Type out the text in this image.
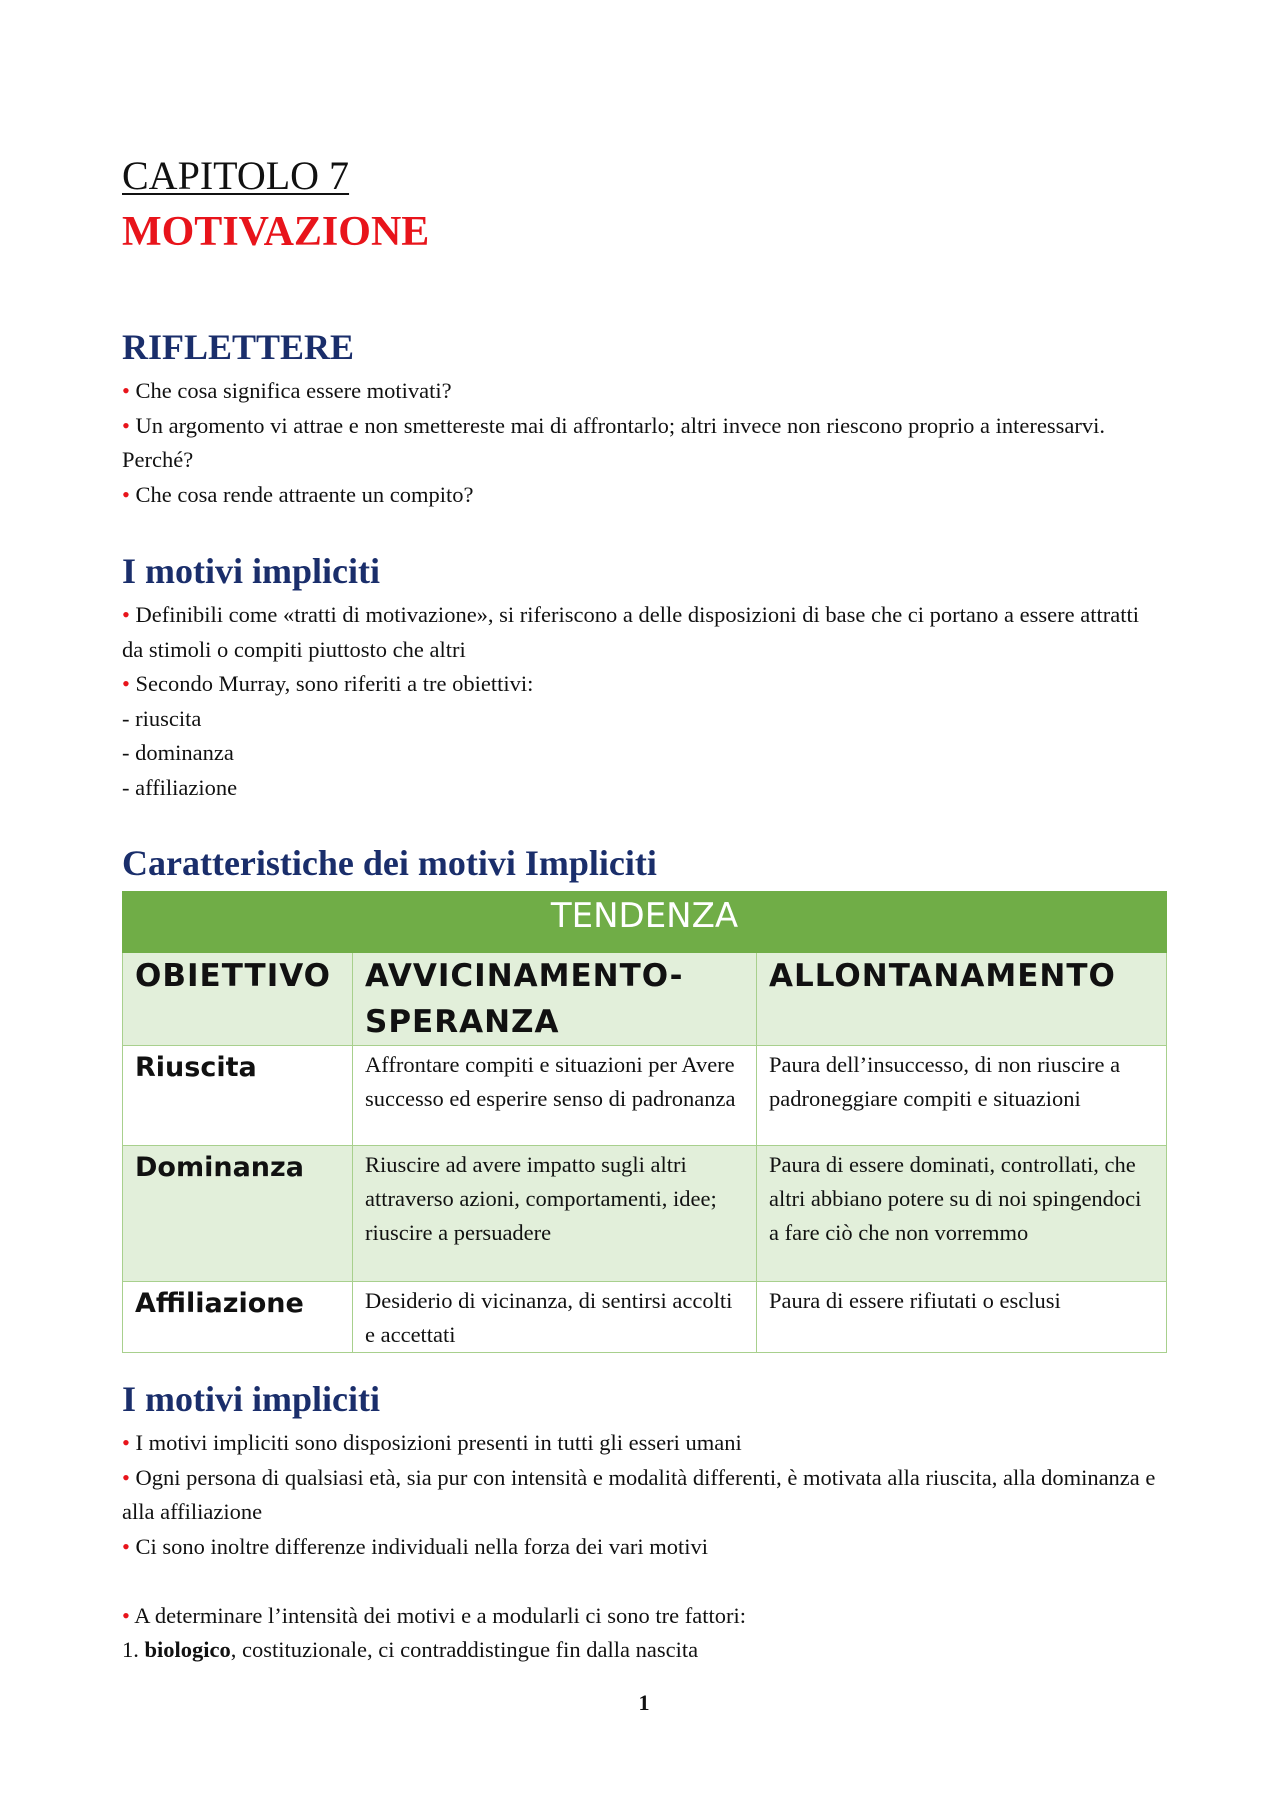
CAPITOLO 7
MOTIVAZIONE
RIFLETTERE

• Che cosa significa essere motivati?

• Un argomento vi attrae e non smettereste mai di affrontarlo; altri invece non riescono proprio a interessarvi. Perché?

• Che cosa rende attraente un compito?

I motivi impliciti

• Definibili come «tratti di motivazione», si riferiscono a delle disposizioni di base che ci portano a essere attratti da stimoli o compiti piuttosto che altri

• Secondo Murray, sono riferiti a tre obiettivi:

- riuscita

- dominanza

- affiliazione

Caratteristiche dei motivi Impliciti
TENDENZA		
OBIETTIVO	AVVICINAMENTO-SPERANZA	ALLONTANAMENTO
Riuscita	Affrontare compiti e situazioni per Avere successo ed esperire senso di padronanza	Paura dell’insuccesso, di non riuscire a padroneggiare compiti e situazioni
Dominanza	Riuscire ad avere impatto sugli altri attraverso azioni, comportamenti, idee; riuscire a persuadere	Paura di essere dominati, controllati, che altri abbiano potere su di noi spingendoci a fare ciò che non vorremmo
Affiliazione	Desiderio di vicinanza, di sentirsi accolti e accettati	Paura di essere rifiutati o esclusi
I motivi impliciti

• I motivi impliciti sono disposizioni presenti in tutti gli esseri umani

• Ogni persona di qualsiasi età, sia pur con intensità e modalità differenti, è motivata alla riuscita, alla dominanza e alla affiliazione

• Ci sono inoltre differenze individuali nella forza dei vari motivi

• A determinare l’intensità dei motivi e a modularli ci sono tre fattori:

1. biologico, costituzionale, ci contraddistingue fin dalla nascita

1
